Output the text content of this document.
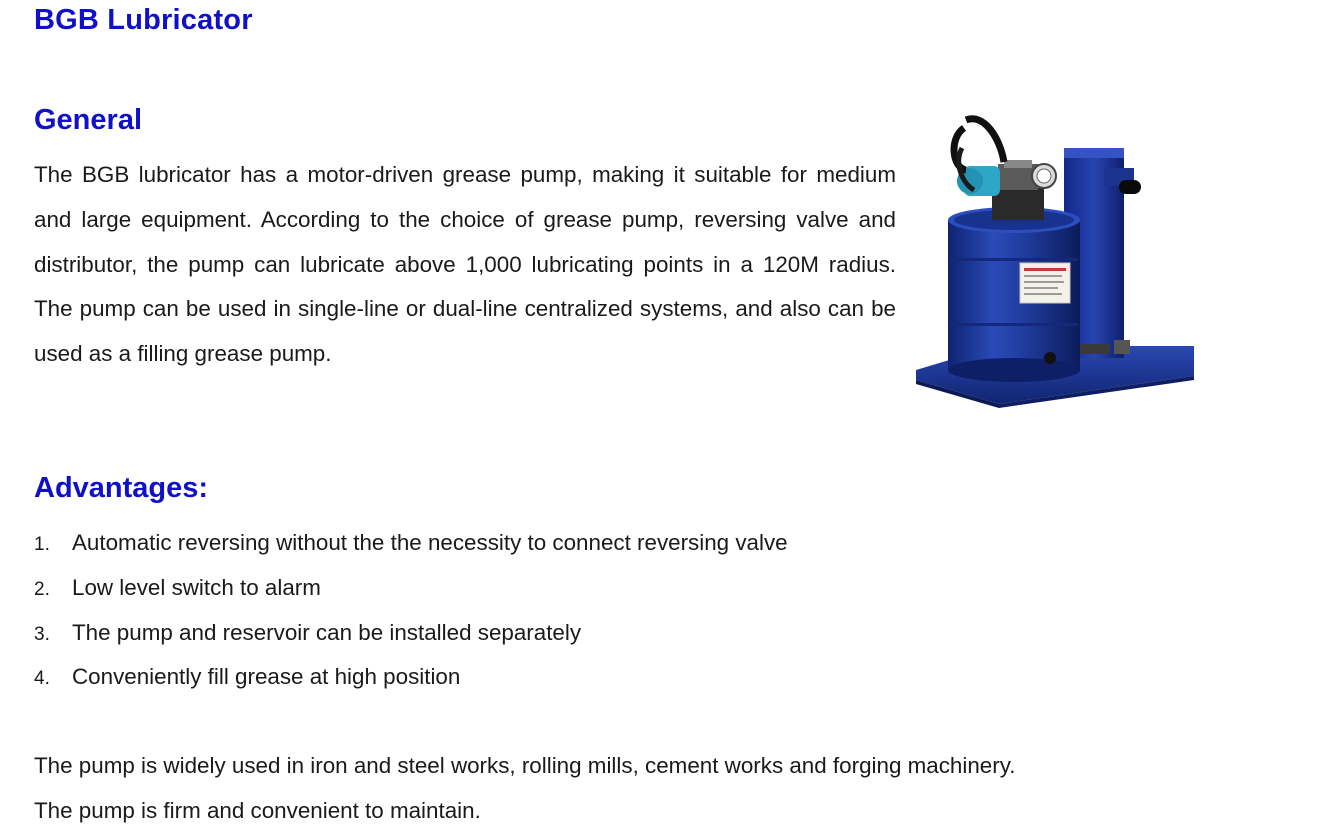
BGB Lubricator
General

The BGB lubricator has a motor-driven grease pump, making it suitable for medium and large equipment. According to the choice of grease pump, reversing valve and distributor, the pump can lubricate above 1,000 lubricating points in a 120M radius. The pump can be used in single-line or dual-line centralized systems, and also can be used as a filling grease pump.

Advantages:
1. Automatic reversing without the the necessity to connect reversing valve
2. Low level switch to alarm
3. The pump and reservoir can be installed separately
4. Conveniently fill grease at high position
The pump is widely used in iron and steel works, rolling mills, cement works and forging machinery.
The pump is firm and convenient to maintain.
